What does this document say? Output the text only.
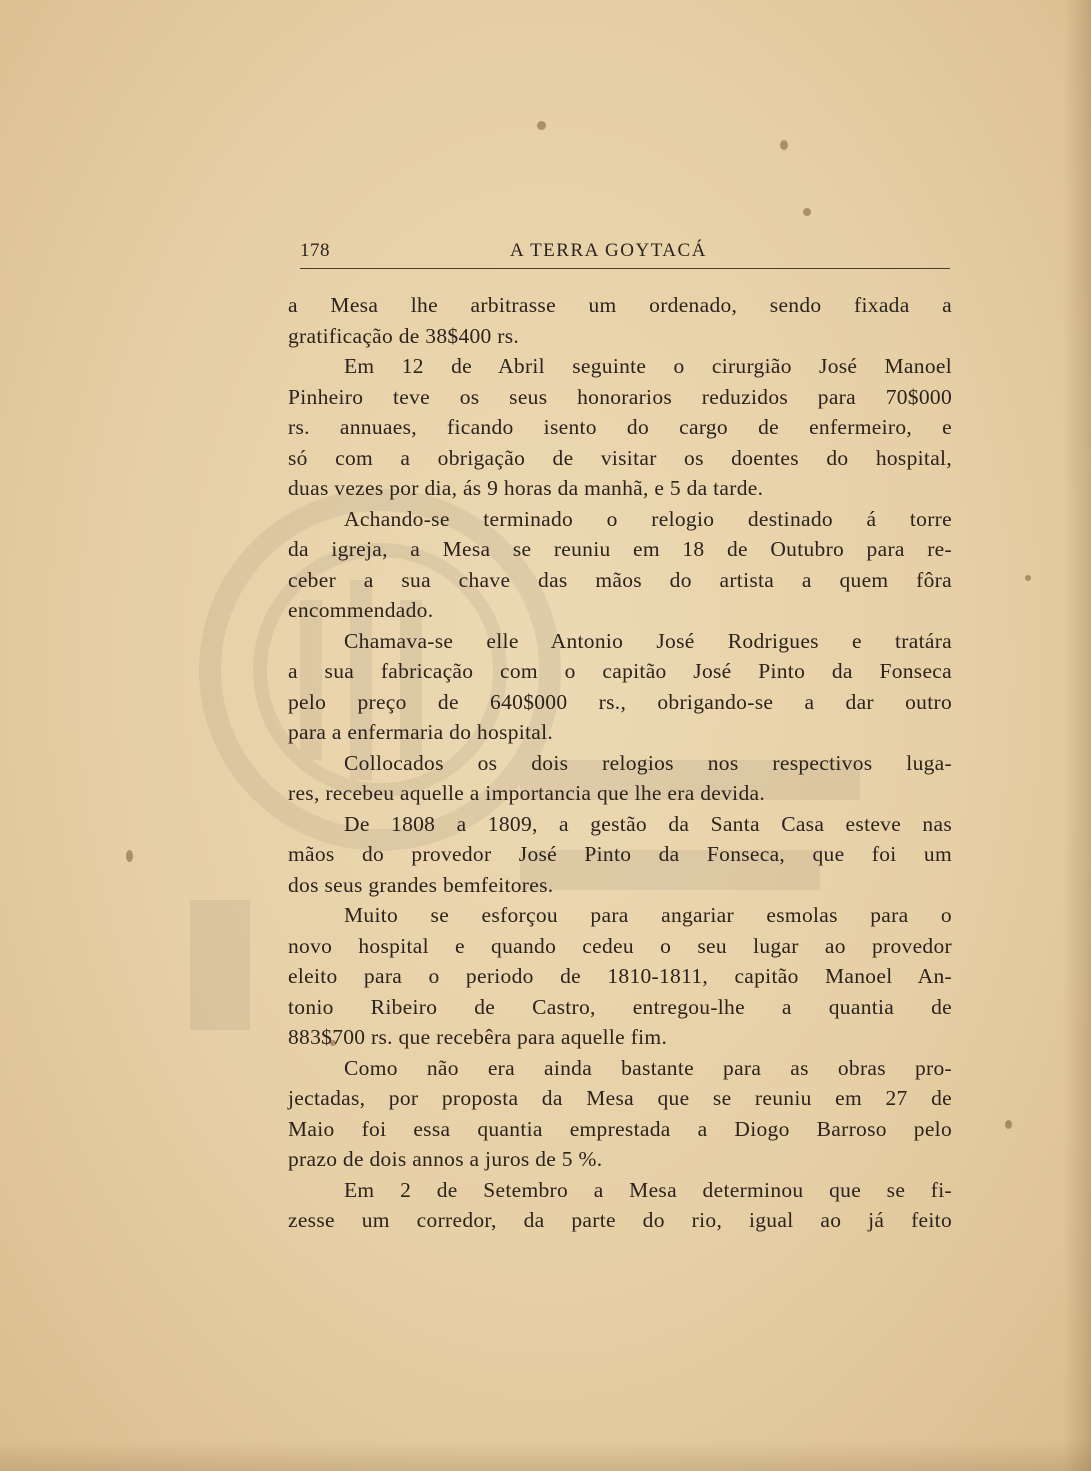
178	A TERRA GOYTACÁ
a Mesa lhe arbitrasse um ordenado, sendo fixada a
gratificação de 38$400 rs.
Em 12 de Abril seguinte o cirurgião José Manoel
Pinheiro teve os seus honorarios reduzidos para 70$000
rs. annuaes, ficando isento do cargo de enfermeiro, e
só com a obrigação de visitar os doentes do hospital,
duas vezes por dia, ás 9 horas da manhã, e 5 da tarde.
Achando-se terminado o relogio destinado á torre
da igreja, a Mesa se reuniu em 18 de Outubro para re-
ceber a sua chave das mãos do artista a quem fôra
encommendado.
Chamava-se elle Antonio José Rodrigues e tratára
a sua fabricação com o capitão José Pinto da Fonseca
pelo preço de 640$000 rs., obrigando-se a dar outro
para a enfermaria do hospital.
Collocados os dois relogios nos respectivos luga-
res, recebeu aquelle a importancia que lhe era devida.
De 1808 a 1809, a gestão da Santa Casa esteve nas
mãos do provedor José Pinto da Fonseca, que foi um
dos seus grandes bemfeitores.
Muito se esforçou para angariar esmolas para o
novo hospital e quando cedeu o seu lugar ao provedor
eleito para o periodo de 1810-1811, capitão Manoel An-
tonio Ribeiro de Castro, entregou-lhe a quantia de
883$700 rs. que recebêra para aquelle fim.
Como não era ainda bastante para as obras pro-
jectadas, por proposta da Mesa que se reuniu em 27 de
Maio foi essa quantia emprestada a Diogo Barroso pelo
prazo de dois annos a juros de 5 %.
Em 2 de Setembro a Mesa determinou que se fi-
zesse um corredor, da parte do rio, igual ao já feito
